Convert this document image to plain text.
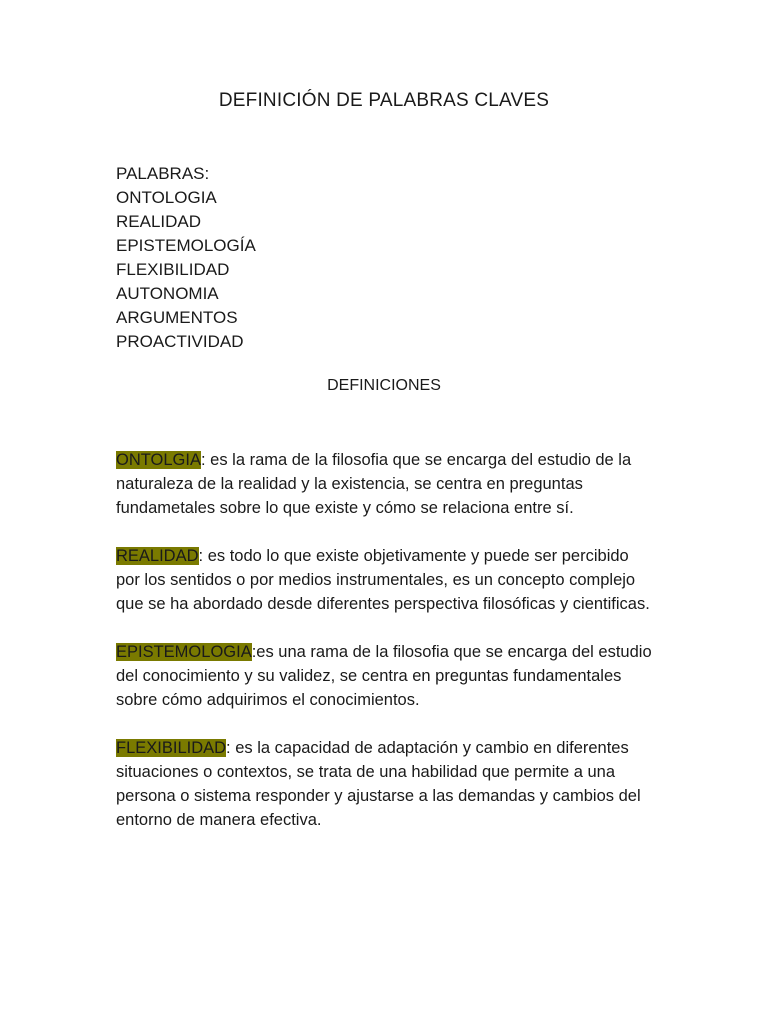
DEFINICIÓN DE PALABRAS CLAVES
PALABRAS:
ONTOLOGIA
REALIDAD
EPISTEMOLOGÍA
FLEXIBILIDAD
AUTONOMIA
ARGUMENTOS
PROACTIVIDAD
DEFINICIONES

ONTOLGIA: es la rama de la filosofia que se encarga del estudio de la naturaleza de la realidad y la existencia, se centra en preguntas fundametales sobre lo que existe y cómo se relaciona entre sí.

REALIDAD: es todo lo que existe objetivamente y puede ser percibido por los sentidos o por medios instrumentales, es un concepto complejo que se ha abordado desde diferentes perspectiva filosóficas y cientificas.

EPISTEMOLOGIA:es una rama de la filosofia que se encarga del estudio del conocimiento y su validez, se centra en preguntas fundamentales sobre cómo adquirimos el conocimientos.

FLEXIBILIDAD: es la capacidad de adaptación y cambio en diferentes situaciones o contextos, se trata de una habilidad que permite a una persona o sistema responder y ajustarse a las demandas y cambios del entorno de manera efectiva.
